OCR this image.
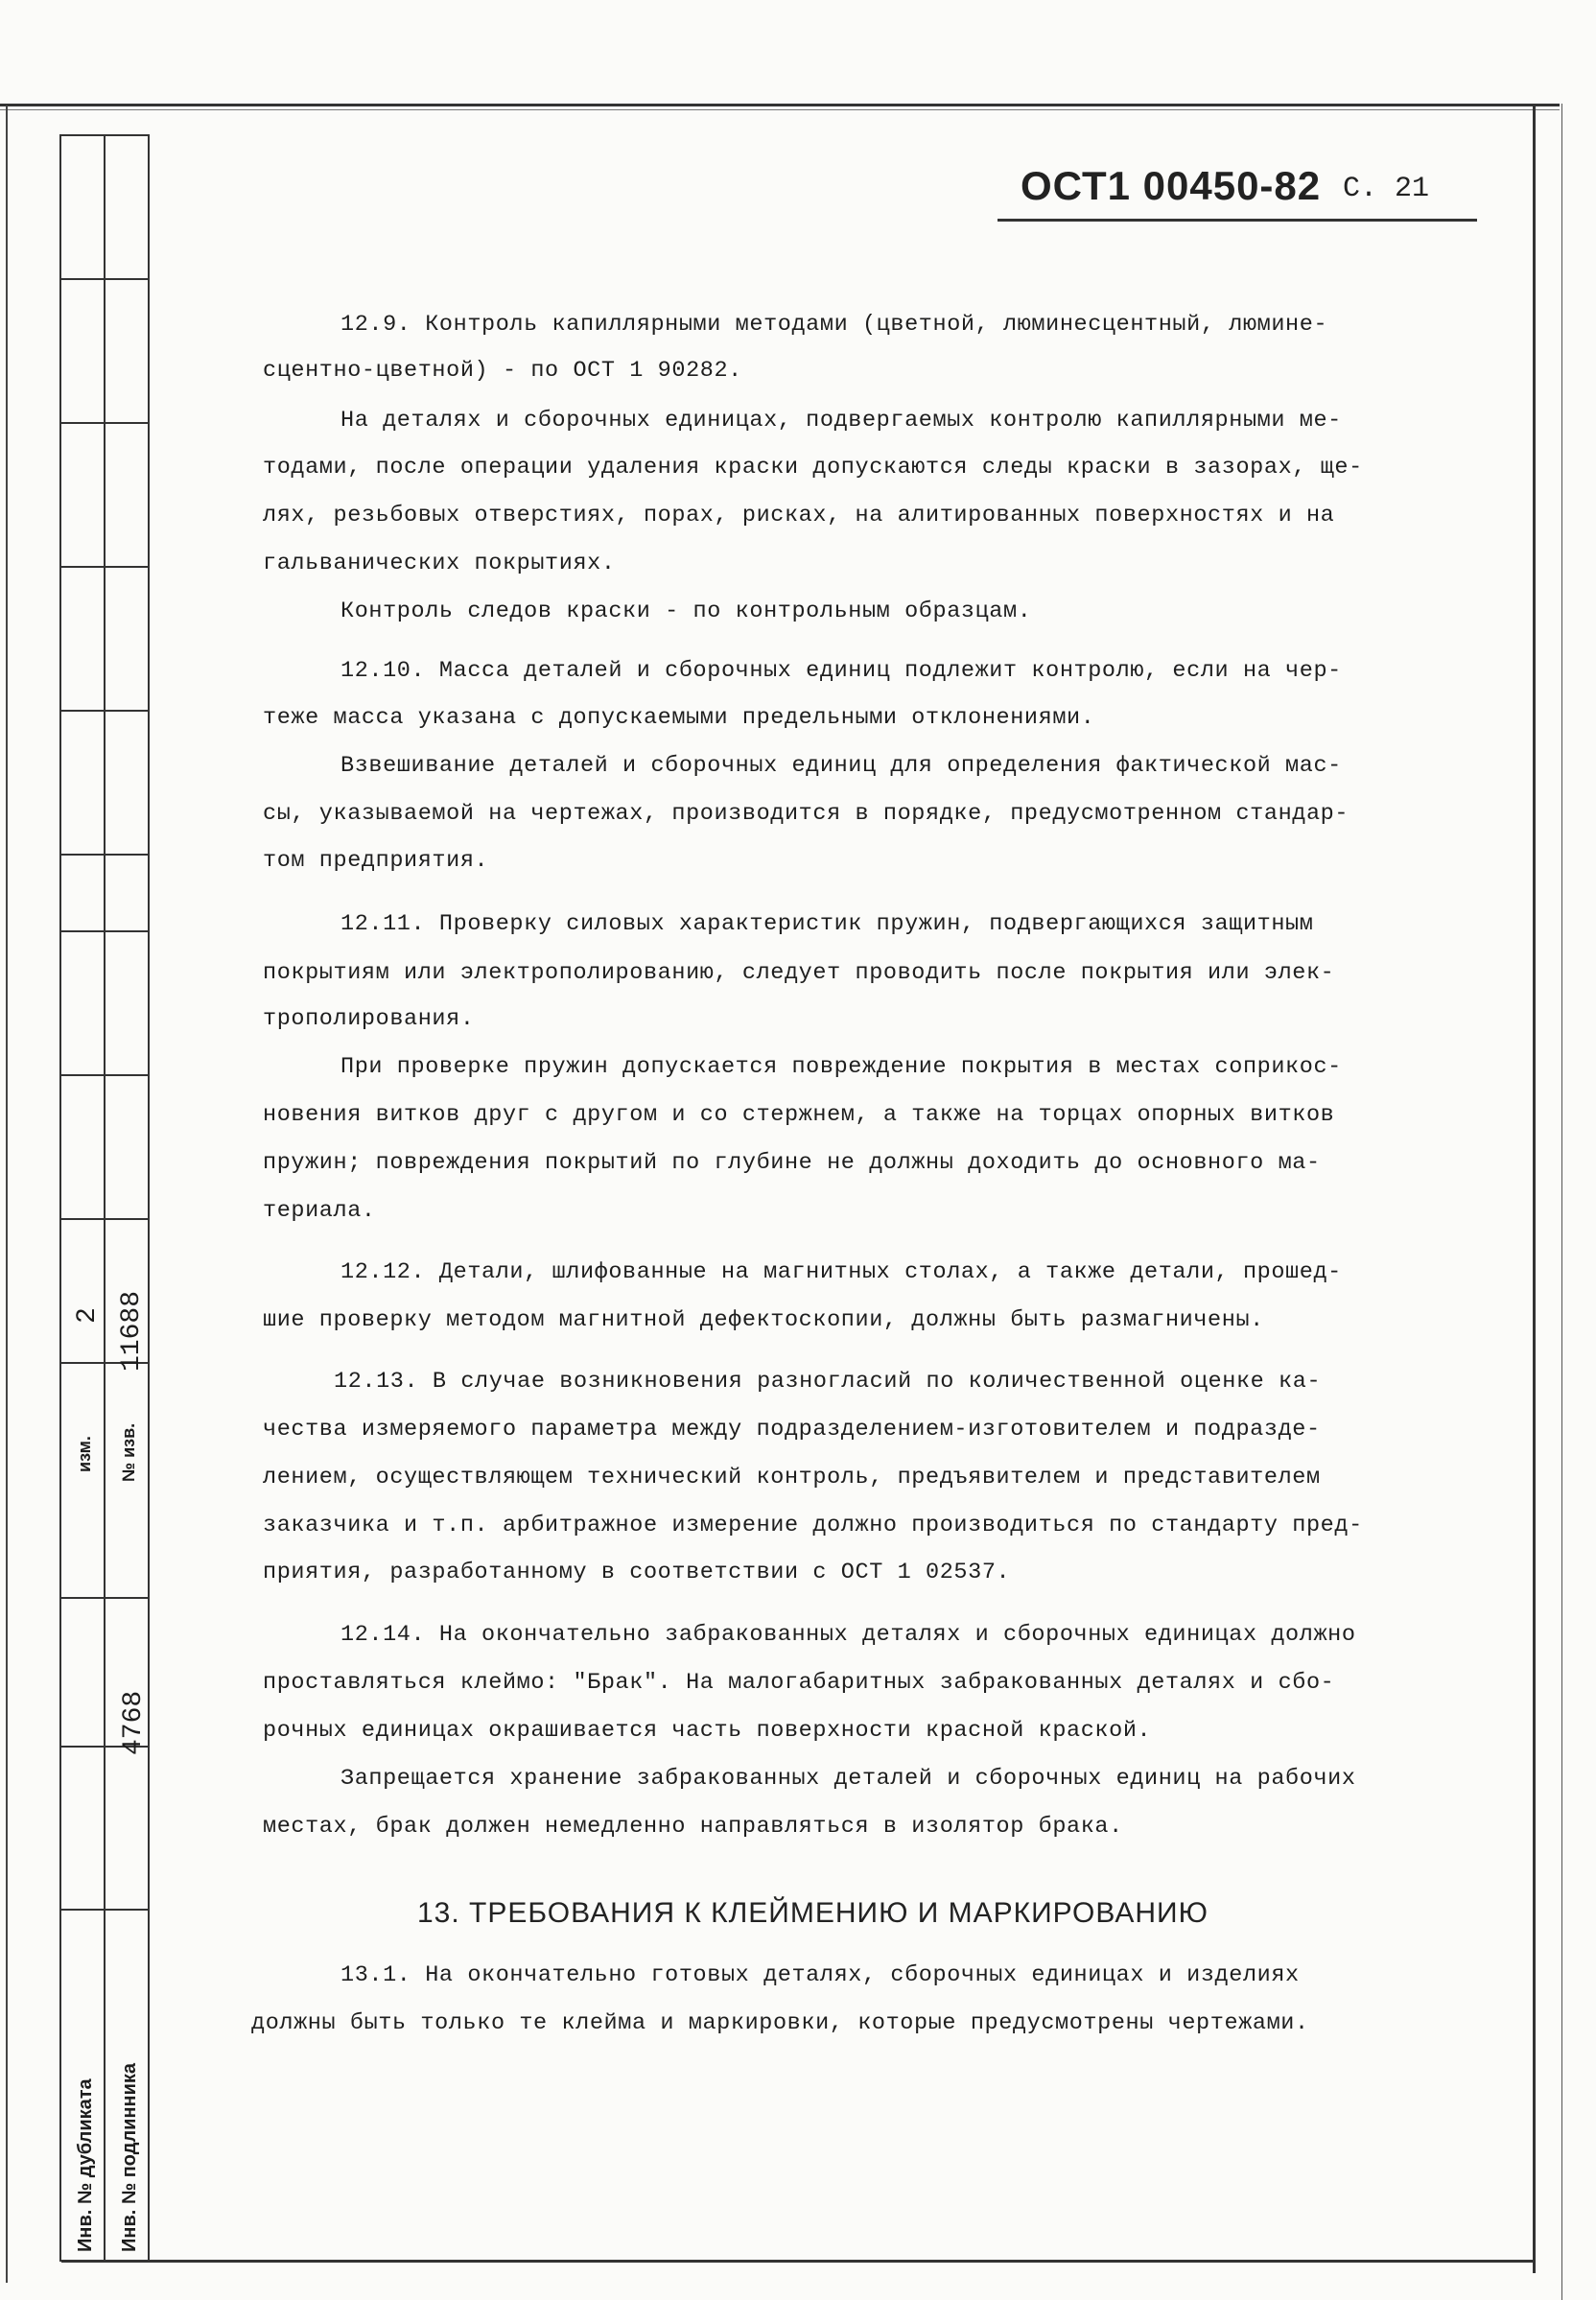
изм.
2
№ изв.
11688
4768
Инв. № дубликата Инв. № подлинника
ОСТ1 00450-82 С. 21
12.9. Контроль капиллярными методами (цветной, люминесцентный, люмине-
сцентно-цветной) - по ОСТ 1 90282.
На деталях и сборочных единицах, подвергаемых контролю капиллярными ме-
тодами, после операции удаления краски допускаются следы краски в зазорах, ще-
лях, резьбовых отверстиях, порах, рисках, на алитированных поверхностях и на
гальванических покрытиях.
Контроль следов краски - по контрольным образцам.
12.10. Масса деталей и сборочных единиц подлежит контролю, если на чер-
теже масса указана с допускаемыми предельными отклонениями.
Взвешивание деталей и сборочных единиц для определения фактической мас-
сы, указываемой на чертежах, производится в порядке, предусмотренном стандар-
том предприятия.
12.11. Проверку силовых характеристик пружин, подвергающихся защитным
покрытиям или электрополированию, следует проводить после покрытия или элек-
трополирования.
При проверке пружин допускается повреждение покрытия в местах соприкос-
новения витков друг с другом и со стержнем, а также на торцах опорных витков
пружин; повреждения покрытий по глубине не должны доходить до основного ма-
териала.
12.12. Детали, шлифованные на магнитных столах, а также детали, прошед-
шие проверку методом магнитной дефектоскопии, должны быть размагничены.
12.13. В случае возникновения разногласий по количественной оценке ка-
чества измеряемого параметра между подразделением-изготовителем и подразде-
лением, осуществляющем технический контроль, предъявителем и представителем
заказчика и т.п. арбитражное измерение должно производиться по стандарту пред-
приятия, разработанному в соответствии с ОСТ 1 02537.
12.14. На окончательно забракованных деталях и сборочных единицах должно
проставляться клеймо: "Брак". На малогабаритных забракованных деталях и сбо-
рочных единицах окрашивается часть поверхности красной краской.
Запрещается хранение забракованных деталей и сборочных единиц на рабочих
местах, брак должен немедленно направляться в изолятор брака.
13. ТРЕБОВАНИЯ К КЛЕЙМЕНИЮ И МАРКИРОВАНИЮ
13.1. На окончательно готовых деталях, сборочных единицах и изделиях
должны быть только те клейма и маркировки, которые предусмотрены чертежами.
